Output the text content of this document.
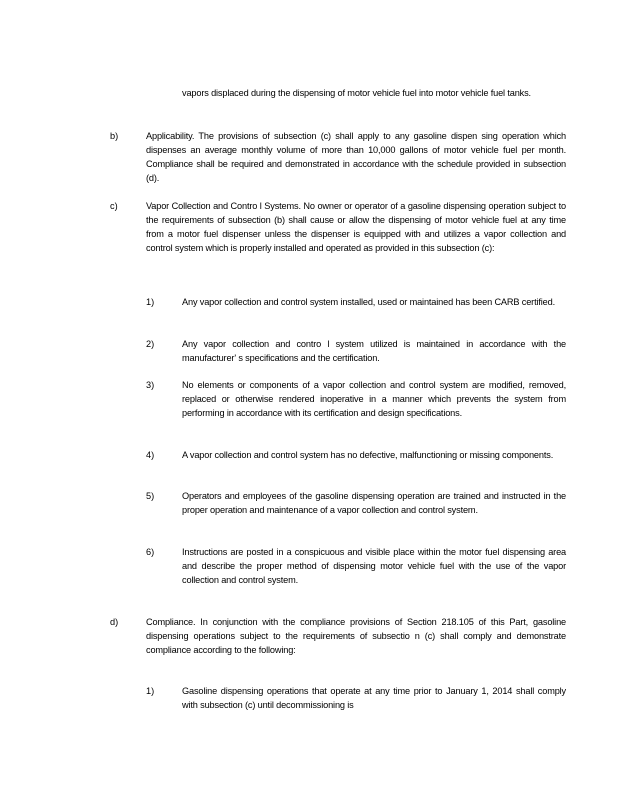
vapors displaced during the dispensing of motor vehicle fuel into motor vehicle fuel tanks.

b)	Applicability. The provisions of subsection (c) shall apply to any gasoline dispen sing operation which dispenses an average monthly volume of more than 10,000 gallons of motor vehicle fuel per month. Compliance shall be required and demonstrated in accordance with the schedule provided in subsection (d).

c)	Vapor Collection and Contro l Systems. No owner or operator of a gasoline dispensing operation subject to the requirements of subsection (b) shall cause or allow the dispensing of motor vehicle fuel at any time from a motor fuel dispenser unless the dispenser is equipped with and utilizes a vapor collection and control system which is properly installed and operated as provided in this subsection (c):

1)	Any vapor collection and control system installed, used or maintained has been CARB certified.

2)	Any vapor collection and contro l system utilized is maintained in accordance with the manufacturer' s specifications and the certification.

3)	No elements or components of a vapor collection and control system are modified, removed, replaced or otherwise rendered inoperative in a manner which prevents the system from performing in accordance with its certification and design specifications.

4)	A vapor collection and control system has no defective, malfunctioning or missing components.

5)	Operators and employees of the gasoline dispensing operation are trained and instructed in the proper operation and maintenance of a vapor collection and control system.

6)	Instructions are posted in a conspicuous and visible place within the motor fuel dispensing area and describe the proper method of dispensing motor vehicle fuel with the use of the vapor collection and control system.

d)	Compliance. In conjunction with the compliance provisions of Section 218.105 of this Part, gasoline dispensing operations subject to the requirements of subsectio n (c) shall comply and demonstrate compliance according to the following:

1)	Gasoline dispensing operations that operate at any time prior to January 1, 2014 shall comply with subsection (c) until decommissioning is
